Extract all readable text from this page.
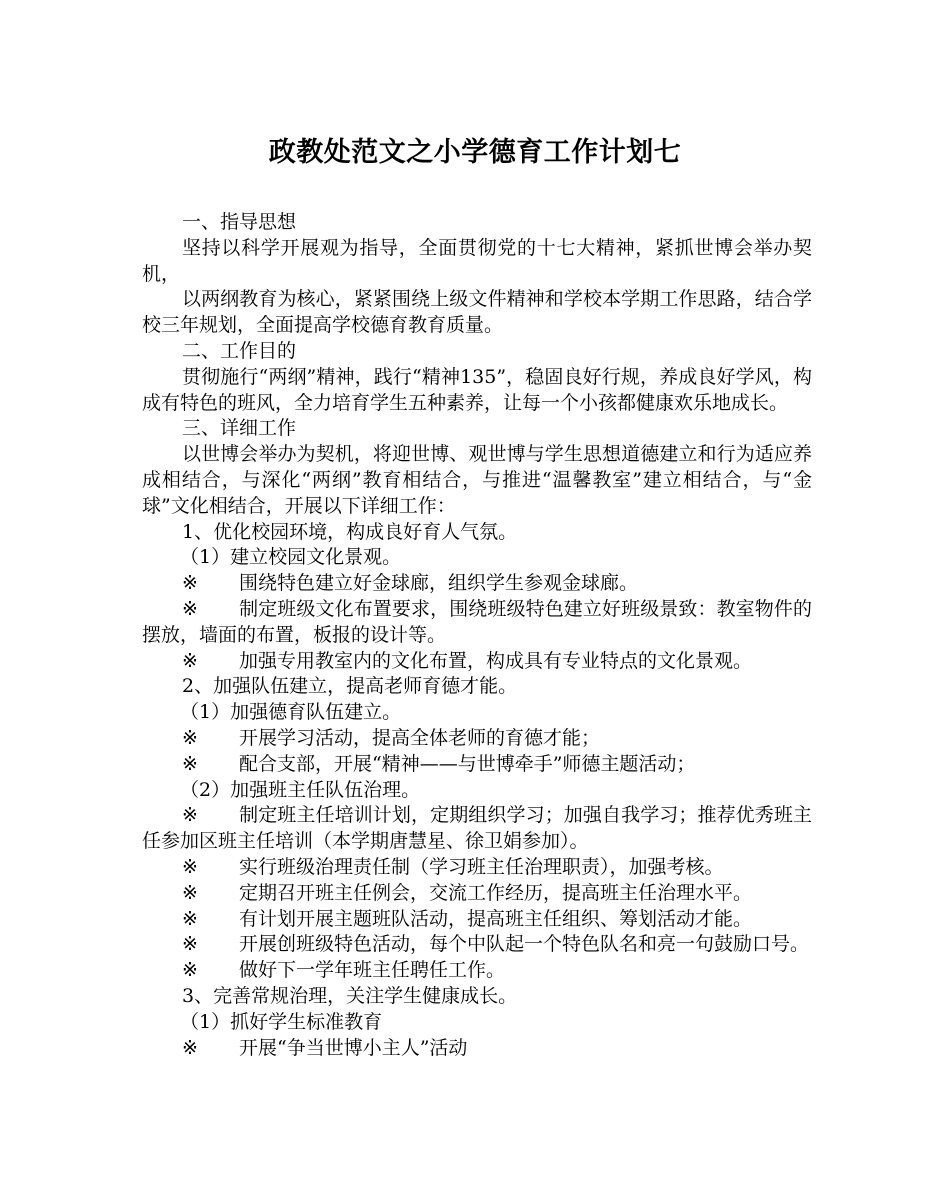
政教处范文之小学德育工作计划七

一、指导思想

坚持以科学开展观为指导，全面贯彻党的十七大精神，紧抓世博会举办契机，

以两纲教育为核心，紧紧围绕上级文件精神和学校本学期工作思路，结合学校三年规划，全面提高学校德育教育质量。

二、工作目的

贯彻施行“两纲”精神，践行“精神135”，稳固良好行规，养成良好学风，构成有特色的班风，全力培育学生五种素养，让每一个小孩都健康欢乐地成长。

三、详细工作

以世博会举办为契机，将迎世博、观世博与学生思想道德建立和行为适应养成相结合，与深化“两纲”教育相结合，与推进“温馨教室”建立相结合，与“金球”文化相结合，开展以下详细工作：

1、优化校园环境，构成良好育人气氛。

（1）建立校园文化景观。

※ 围绕特色建立好金球廊，组织学生参观金球廊。

※ 制定班级文化布置要求，围绕班级特色建立好班级景致：教室物件的摆放，墙面的布置，板报的设计等。

※ 加强专用教室内的文化布置，构成具有专业特点的文化景观。

2、加强队伍建立，提高老师育德才能。

（1）加强德育队伍建立。

※ 开展学习活动，提高全体老师的育德才能；

※ 配合支部，开展“精神——与世博牵手”师德主题活动；

（2）加强班主任队伍治理。

※ 制定班主任培训计划，定期组织学习；加强自我学习；推荐优秀班主任参加区班主任培训（本学期唐慧星、徐卫娟参加）。

※ 实行班级治理责任制（学习班主任治理职责），加强考核。

※ 定期召开班主任例会，交流工作经历，提高班主任治理水平。

※ 有计划开展主题班队活动，提高班主任组织、筹划活动才能。

※ 开展创班级特色活动，每个中队起一个特色队名和亮一句鼓励口号。

※ 做好下一学年班主任聘任工作。

3、完善常规治理，关注学生健康成长。

（1）抓好学生标准教育

※ 开展“争当世博小主人”活动
